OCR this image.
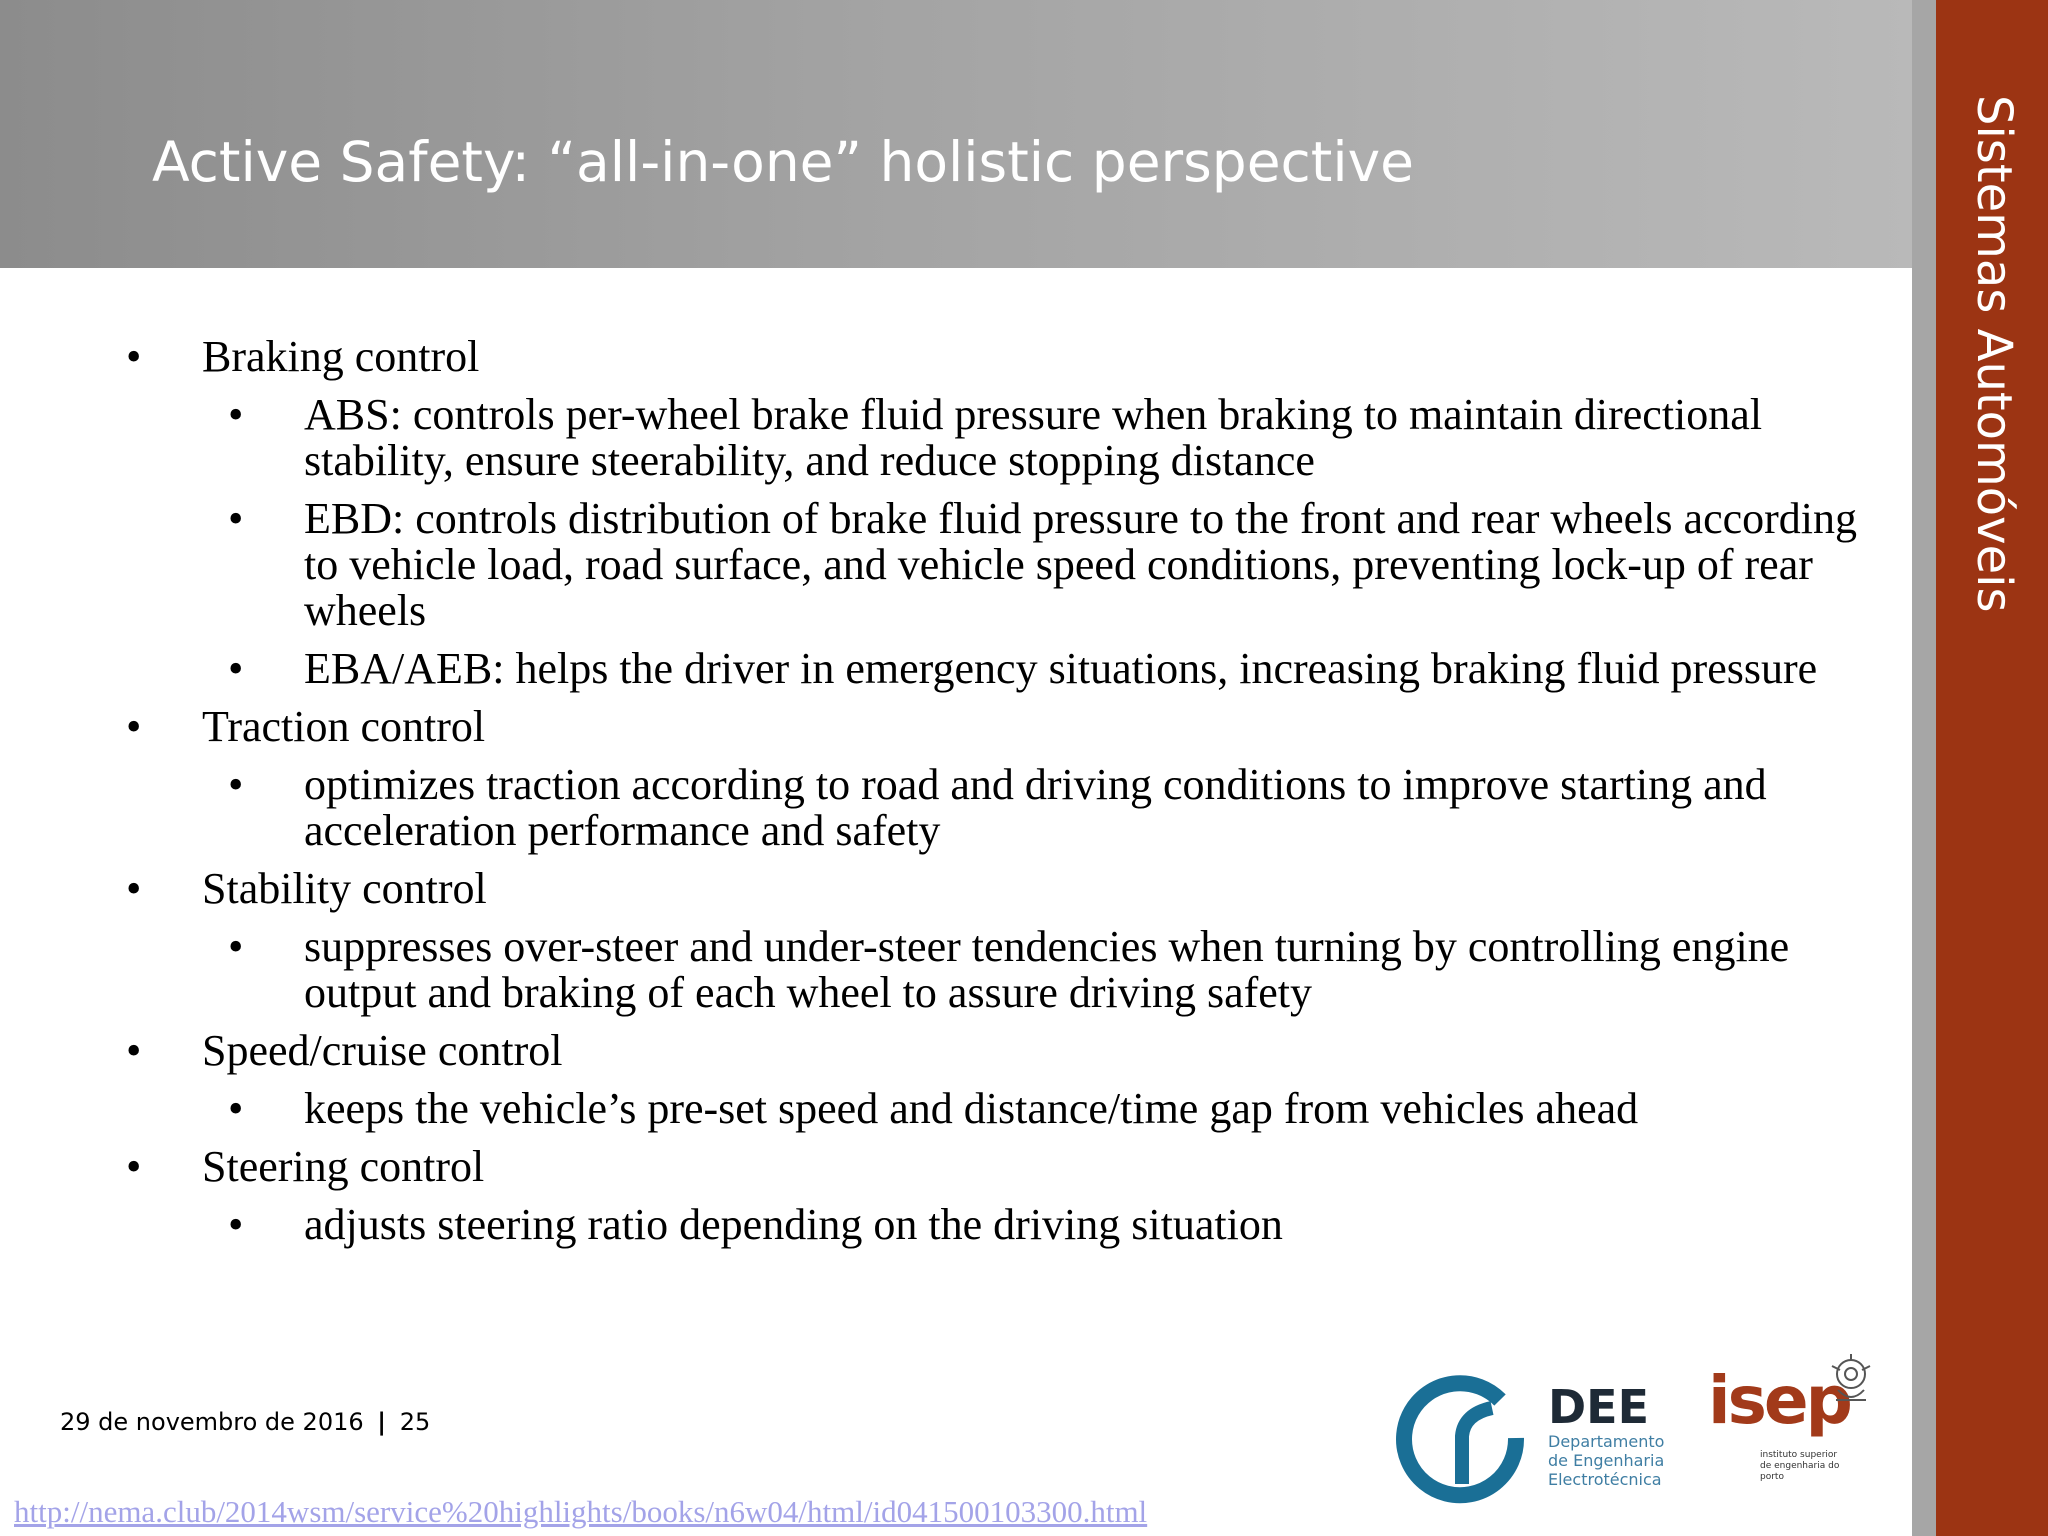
Active Safety: “all-in-one” holistic perspective	Sistemas Automóveis
• Braking control
• ABS: controls per-wheel brake fluid pressure when braking to maintain directional stability, ensure steerability, and reduce stopping distance
• EBD: controls distribution of brake fluid pressure to the front and rear wheels according to vehicle load, road surface, and vehicle speed conditions, preventing lock-up of rear wheels
• EBA/AEB: helps the driver in emergency situations, increasing braking fluid pressure
• Traction control
• optimizes traction according to road and driving conditions to improve starting and acceleration performance and safety
• Stability control
• suppresses over-steer and under-steer tendencies when turning by controlling engine output and braking of each wheel to assure driving safety
• Speed/cruise control
• keeps the vehicle’s pre-set speed and distance/time gap from vehicles ahead
• Steering control
• adjusts steering ratio depending on the driving situation
29 de novembro de 2016 | 25
http://nema.club/2014wsm/service%20highlights/books/n6w04/html/id041500103300.html
DEE
Departamento
de Engenharia
Electrotécnica
isep
instituto superior de engenharia do porto
